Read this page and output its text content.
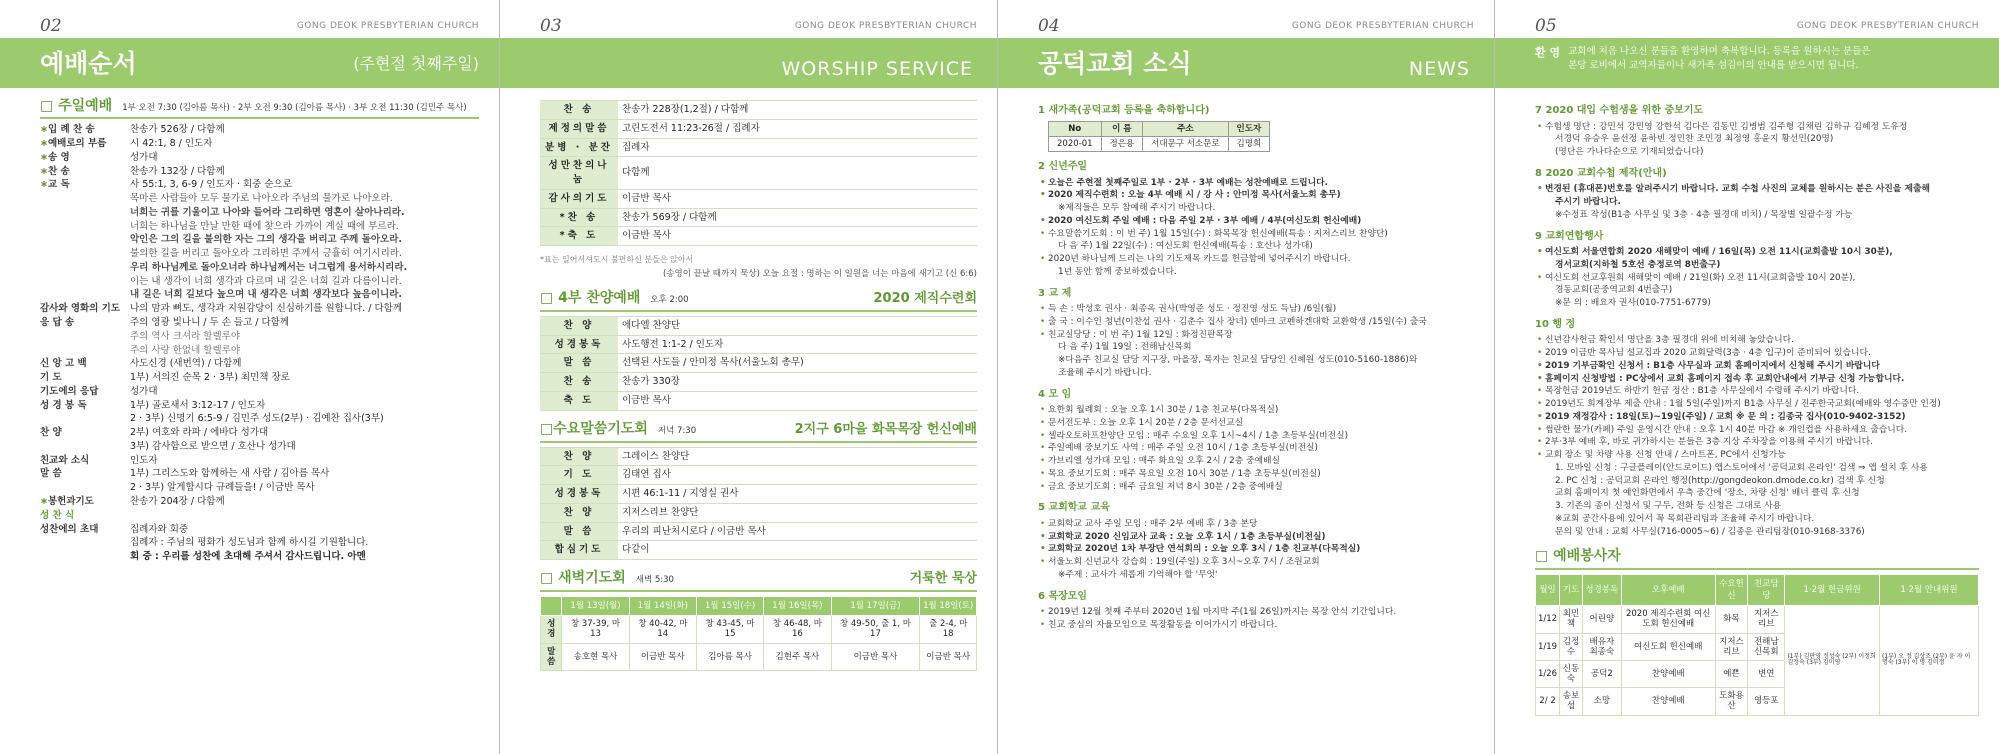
02	GONG DEOK PRESBYTERIAN CHURCH
예배순서	(주현절 첫째주일)
□ 주일예배 1부 오전 7:30 (김아름 목사) · 2부 오전 9:30 (김아름 목사) · 3부 오전 11:30 (김민주 목사)
∗ 입 례 찬 송	찬송가 526장 / 다함께
∗ 예배로의 부름	시 42:1, 8 / 인도자
∗ 송 영	성가대
∗ 찬 송	찬송가 132장 / 다함께
∗ 교 독	사 55:1, 3, 6-9 / 인도자 · 회중 순으로
목마른 사람들아 모두 물가로 나아오라 주님의 물가로 나아오라.
너희는 귀를 기울이고 나아와 들어라 그리하면 영혼이 살아나리라.
너희는 하나님을 만날 만한 때에 찾으라 가까이 계실 때에 부르라.
악인은 그의 길을 불의한 자는 그의 생각을 버리고 주께 돌아오라.
불의한 길을 버리고 돌아오라 그리하면 주께서 긍휼히 여기시리라.
우리 하나님께로 돌아오너라 하나님께서는 너그럽게 용서하시리라.
이는 내 생각이 너희 생각과 다르며 내 길은 너희 길과 다름이니라.
내 길은 너희 길보다 높으며 내 생각은 너희 생각보다 높음이니라.
감사와 영화의 기도	나의 맘과 뼈도, 생각과 지원감당이 신심하기를 원합니다. / 다함께
응 답 송	주의 영광 빛나니 / 두 손 들고 / 다함께
주의 역사 크셔라 할렐루야
주의 사랑 한없네 할렐루야
신 앙 고 백	사도신경 (새번역) / 다함께
기 도	1부) 서의진 순목 2 · 3부) 최민책 장로
기도에의 응답	성가대
성 경 봉 독	1부) 골로새서 3:12-17 / 인도자
2 · 3부) 신명기 6:5-9 / 김민주 성도(2부) · 김예찬 집사(3부)
찬 양	2부) 여호와 라파 / 에바다 성가대
3부) 감사함으로 받으면 / 호산나 성가대
친교와 소식	인도자
말 씀	1부) 그리스도와 함께하는 새 사람 / 김아름 목사
2 · 3부) 알게합시다 규례들을! / 이금반 목사
∗ 봉헌과기도	찬송가 204장 / 다함께
성 찬 식
성찬에의 초대	집례자와 회중
집례자 : 주님의 평화가 성도님과 함께 하시길 기원합니다.
회 중 : 우리를 성찬에 초대해 주셔서 감사드립니다. 아멘
03	GONG DEOK PRESBYTERIAN CHURCH
WORSHIP SERVICE
찬 송	찬송가 228장(1,2절) / 다함께
제정의말씀	고린도전서 11:23-26절 / 집례자
분병 · 분잔	집례자
성만찬의나눔	다함께
감사의기도	이금반 목사
*찬 송	찬송가 569장 / 다함께
*축 도	이금반 목사
*표는 일어서셔도시 불편하신 분들은 앉아서
(송영이 끝날 때까지 묵상) 오늘 요절 : 명하는 이 일원을 너는 마음에 새기고 (신 6:6)
□ 4부 찬양예배 오후 2:00	2020 제직수련회
찬 양	에다엘 찬양단
성경봉독	사도행전 1:1-2 / 인도자
말 씀	선택된 사도들 / 안미정 목사(서울노회 총무)
찬 송	찬송가 330장
축 도	이금반 목사
□수요말씀기도회 저녁 7:30	2지구 6마을 화목목장 헌신예배
찬 양	그레이스 찬양단
기 도	김태연 집사
성경봉독	시편 46:1-11 / 지영실 권사
찬 양	지저스리브 찬양단
말 씀	우리의 피난처시로다 / 이금반 목사
합심기도	다같이
□ 새벽기도회 새벽 5:30	거룩한 묵상
	1월 13일(월)	1월 14일(화)	1월 15일(수)	1월 16일(목)	1월 17일(금)	1월 18일(토)
성경	창 37-39, 마 13	창 40-42, 마 14	창 43-45, 마 15	창 46-48, 마 16	창 49-50, 출 1, 마 17	출 2-4, 마 18
말씀	송호현 목사	이금반 목사	김아름 목사	김현주 목사	이금반 목사	이금반 목사
04	GONG DEOK PRESBYTERIAN CHURCH
공덕교회 소식	NEWS
1 새가족(공덕교회 등록을 축하합니다)
No	이 름	주소	인도자
2020-01	정은용	서대문구 서소문로	김명희
2 신년주일
• 오늘은 주현절 첫째주일로 1부 · 2부 · 3부 예배는 성찬예배로 드립니다.
• 2020 제직수련회 : 오늘 4부 예배 시 / 강 사 : 안미정 목사(서울노회 총무)
※제직들은 모두 참예해 주시기 바랍니다.
• 2020 여신도회 주일 예배 : 다음 주일 2부 · 3부 예배 / 4부(여신도회 헌신예배)
• 수요말씀기도회 : 이 번 주) 1월 15일(수) : 화목목장 헌신예배(특송 : 지저스리브 찬양단)
다 음 주) 1월 22일(수) : 여신도회 헌신예배(특송 : 호산나 성가대)
• 2020년 하나님께 드리는 나의 기도제목 카드를 헌금함에 넣어주시기 바랍니다.
1년 동안 함께 중보하겠습니다.
3 교 제
• 득 손 : 박성호 권사 · 최종옥 권사(박영준 성도 · 정진영 성도 득남) /6일(월)
• 출 국 : 이수인 청년(이찬섭 권사 · 김춘수 집사 장녀) 덴마크 코펜하겐대학 교환학생 /15일(수) 출국
• 친교실당당 : 이 번 주) 1월 12일 : 화정진판목장
다 음 주) 1월 19일 : 전해남신목회
※다음주 친교실 담당 지구장, 마을장, 목자는 친교실 담당인 신혜원 성도(010-5160-1886)와
조율해 주시기 바랍니다.
4 모 임
• 요한회 월례회 : 오늘 오후 1시 30분 / 1층 친교부(다목적실)
• 문서전도부 : 오늘 오후 1시 20분 / 2층 문서선교실
• 셀라오토하프찬양단 모임 : 매주 수요일 오후 1시~4시 / 1층 초등부실(비전실)
• 주일예배 중보기도 사역 : 매주 주일 오전 10시 / 1층 초등부실(비전실)
• 가브리엘 성가대 모임 : 매주 화요일 오후 2시 / 2층 중예배실
• 목요 중보기도회 : 매주 목요일 오전 10시 30분 / 1층 초등부실(비전실)
• 금요 중보기도회 : 매주 금요일 저녁 8시 30분 / 2층 중예배실
5 교회학교 교육
• 교회학교 교사 주일 모임 : 매주 2부 예배 후 / 3층 본당
• 교회학교 2020 신임교사 교육 : 오늘 오후 1시 / 1층 초등부실(비전실)
• 교회학교 2020년 1차 부장단 연석회의 : 오늘 오후 3시 / 1층 친교부(다목적실)
• 서울노회 신년교사 강습회 : 19일(주일) 오후 3시~오후 7시 / 조원교회
※주제 : 교사가 세롭게 기억해야 할 '무엇'
6 목장모임
• 2019년 12월 첫째 주부터 2020년 1월 마지막 주(1월 26일)까지는 목장 안식 기간입니다.
• 친교 중심의 자율모임으로 목장활동을 이어가시기 바랍니다.
05	GONG DEOK PRESBYTERIAN CHURCH
환 영 교회에 처음 나오신 분들을 환영하며 축복합니다. 등록을 원하시는 분들은
본당 로비에서 교역자들이나 새가족 섬김이의 안내를 받으시면 됩니다.
7 2020 대입 수험생을 위한 중보기도
• 수험생 명단 : 강민석 강민영 강한석 김다은 김동민 김병범 김주형 김채린 김하규 김혜정 도유정
서경덕 유승우 윤선정 윤하빈 정민찬 조민경 최정영 홍윤지 황선민(20명)
(명단은 가나다순으로 기재되었습니다)
8 2020 교회수첩 제작(안내)
• 변경된 (휴대폰)번호를 알려주시기 바랍니다. 교회 수첩 사진의 교체를 원하시는 분은 사진을 제출해
주시기 바랍니다.
※수정표 작성(B1층 사무실 및 3층 · 4층 필경대 비치) / 목장별 일괄수정 가능
9 교회연합행사
• 여신도회 서울연합회 2020 새해맞이 예배 / 16일(목) 오전 11시(교회출발 10시 30분),
경서교회(지하철 5호선 충정로역 8번출구)
• 여신도회 선교후원회 새해맞이 예배 / 21일(화) 오전 11시(교회출발 10시 20분),
경동교회(공중역교회 4번출구)
※문 의 : 배요자 권사(010-7751-6779)
10 행 정
• 신년감사헌금 확인서 명단을 3층 필경대 위에 비치해 놓았습니다.
• 2019 이금반 목사님 설교집과 2020 교회달력(3층 · 4층 입구)이 준비되어 있습니다.
• 2019 기부금확인 신청서 : B1층 사무실과 교회 홈페이지에서 신청해 주시기 바랍니다
• 홈페이지 신청방법 : PC상에서 교회 홈페이지 접속 후 교회안내에서 기부금 신청 가능합니다.
• 목장헌금 2019년도 하반기 헌금 정산 : B1층 사무실에서 수령해 주시기 바랍니다.
• 2019년도 희계장부 제출 안내 : 1월 5일(주일)까지 B1층 사무실 / 진주한국교회(예배와 영수증만 인정)
• 2019 재정감사 : 18일(토)~19일(주일) / 교회 ※ 문 의 : 김종국 집사(010-9402-3152)
• 썸란한 물가(카페) 주일 운영시간 안내 : 오후 1시 40분 마감 ※ 개인컵을 사용하세요 출습니다.
• 2부·3부 예배 후, 바로 귀가하시는 분들은 3층 지상 주차장을 이용해 주시기 바랍니다.
• 교회 장소 및 차량 사용 신청 안내 / 스마트폰, PC에서 신청가능
1. 모바일 신청 : 구글플레이(안드로이드) 앱스토어에서 '공덕교회 온라인' 검색 ⇒ 앱 설치 후 사용
2. PC 신청 : 공덕교회 온라인 행정(http://gongdeokon.dmode.co.kr) 검색 후 신청
교회 홈페이지 첫 예인화면에서 우측 중간에 '장소, 차량 신청' 배너 클릭 후 신청
3. 기존의 종이 신청서 및 구두, 전화 등 신청은 그대로 사용
※교회 공간사용에 있어서 꼭 목회관리팀과 조율해 주시기 바랍니다.
문의 및 안내 : 교회 사무실(716-0005~6) / 김종운 관리팀장(010-9168-3376)
□ 예배봉사자
월일	기도	성경봉독	오후예배	수요헌신	친교담당	1·2월 헌금위원	1·2월 안내위원
1/12	최민책	어린양	2020 제직수련회 여신도회 헌신예배	화목	지저스리브	(1부) 김판영 정성숙 (2부) 이정희 김정숙 (3부) 김미영	(1부) 오 정 김상조 (2부) 윤 자 이명숙 (3부) 이 명 김미정
1/19	김정수	배유자 최종숙	여신도회 헌신예배	지저스리브	전해남신목회		
1/26	신동숙	공덕2	찬양예배	예쁜	변연		
2/ 2	송보섭	소망	찬양예배	도화용산	영등포		
